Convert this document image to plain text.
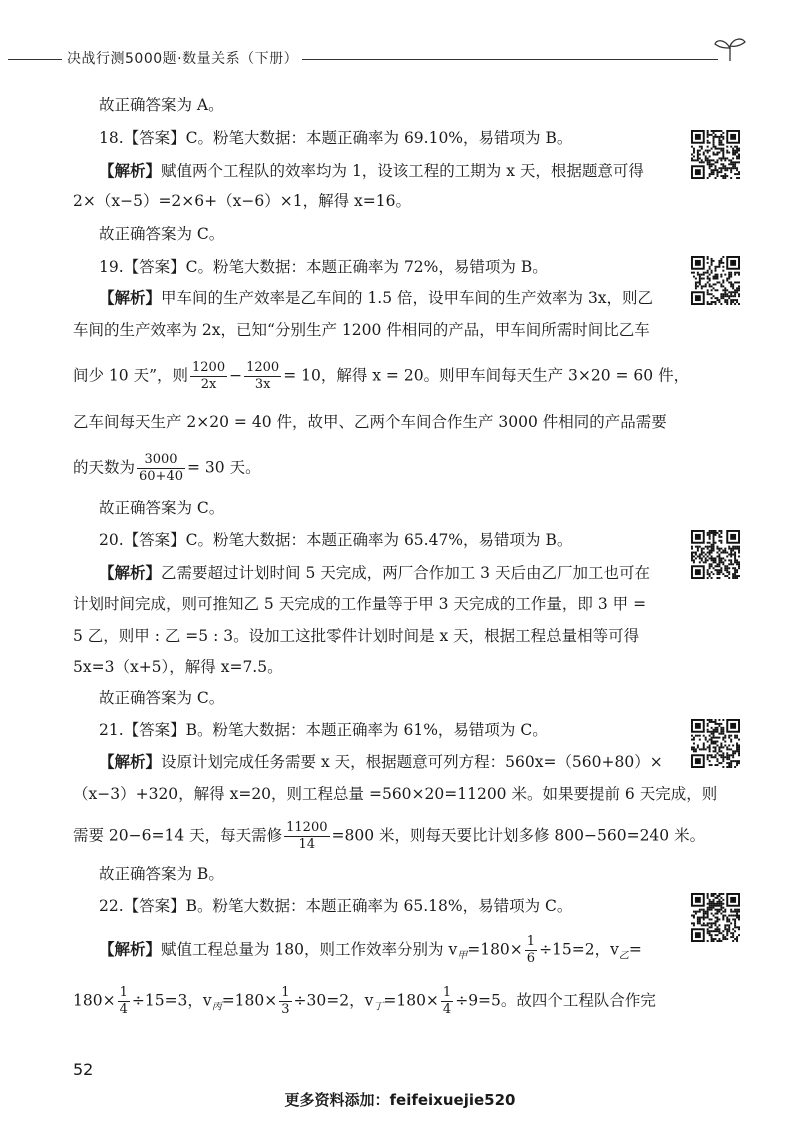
决战行测5000题·数量关系（下册）
故正确答案为 A。
18.【答案】C。粉笔大数据：本题正确率为 69.10%，易错项为 B。
【解析】赋值两个工程队的效率均为 1，设该工程的工期为 x 天，根据题意可得
2×（x−5）=2×6+（x−6）×1，解得 x=16。
故正确答案为 C。
19.【答案】C。粉笔大数据：本题正确率为 72%，易错项为 B。
【解析】甲车间的生产效率是乙车间的 1.5 倍，设甲车间的生产效率为 3x，则乙
车间的生产效率为 2x，已知“分别生产 1200 件相同的产品，甲车间所需时间比乙车
间少 10 天”，则 $\frac{1200}{2x} - \frac{1200}{3x} = 10$，解得 x = 20。则甲车间每天生产 3×20 = 60 件，
乙车间每天生产 2×20 = 40 件，故甲、乙两个车间合作生产 3000 件相同的产品需要
的天数为 $\frac{3000}{60+40} = 30$ 天。
故正确答案为 C。
20.【答案】C。粉笔大数据：本题正确率为 65.47%，易错项为 B。
【解析】乙需要超过计划时间 5 天完成，两厂合作加工 3 天后由乙厂加工也可在
计划时间完成，则可推知乙 5 天完成的工作量等于甲 3 天完成的工作量，即 3 甲 =
5 乙，则甲 : 乙 =5 : 3。设加工这批零件计划时间是 x 天，根据工程总量相等可得
5x=3（x+5），解得 x=7.5。
故正确答案为 C。
21.【答案】B。粉笔大数据：本题正确率为 61%，易错项为 C。
【解析】设原计划完成任务需要 x 天，根据题意可列方程：560x=（560+80）×
（x−3）+320，解得 x=20，则工程总量 =560×20=11200 米。如果要提前 6 天完成，则
需要 20−6=14 天，每天需修 $\frac{11200}{14} =800$ 米，则每天要比计划多修 800−560=240 米。
故正确答案为 B。
22.【答案】B。粉笔大数据：本题正确率为 65.18%，易错项为 C。
【解析】赋值工程总量为 180，则工作效率分别为 $v_甲=180\times \frac{1}{6} \div 15=2$，$v_乙=$
$180\times \frac{1}{4} \div 15=3$，$v_丙=180\times \frac{1}{3} \div 30=2$，$v_丁=180\times \frac{1}{4} \div 9=5$。故四个工程队合作完
52
更多资料添加：feifeixuejie520
